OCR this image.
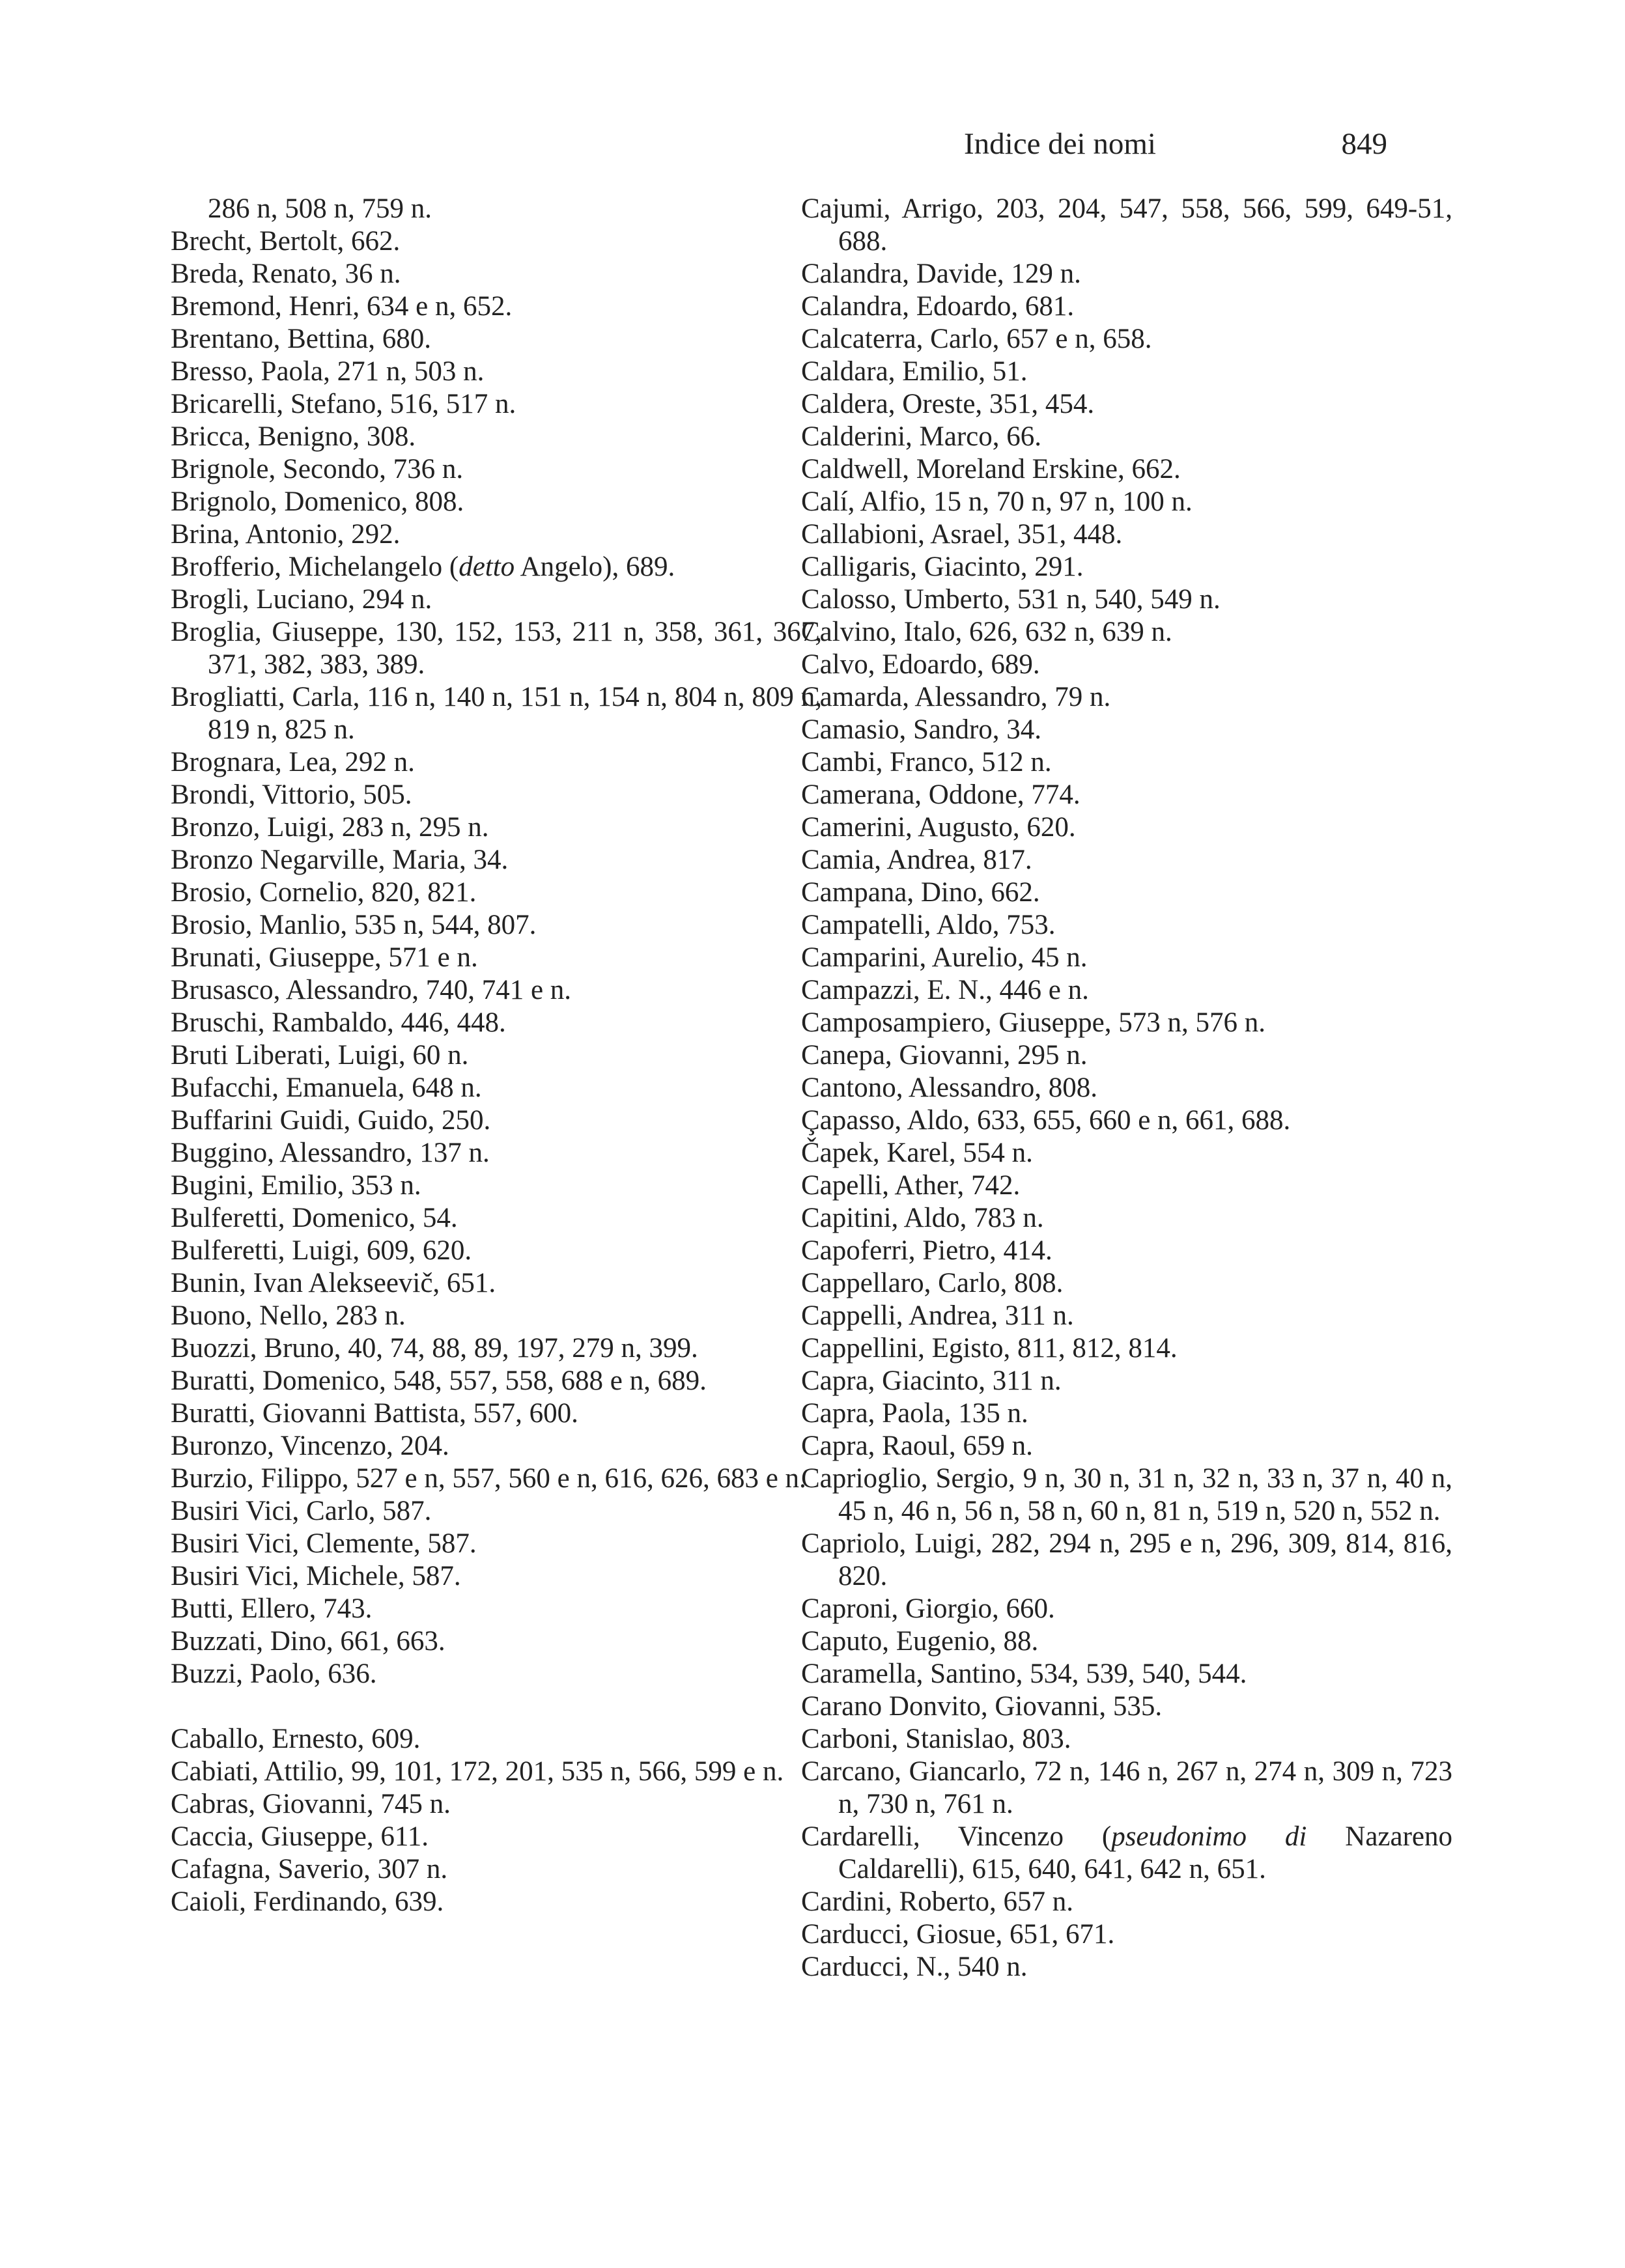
Indice dei nomi	849

286 n, 508 n, 759 n.

Brecht, Bertolt, 662.

Breda, Renato, 36 n.

Bremond, Henri, 634 e n, 652.

Brentano, Bettina, 680.

Bresso, Paola, 271 n, 503 n.

Bricarelli, Stefano, 516, 517 n.

Bricca, Benigno, 308.

Brignole, Secondo, 736 n.

Brignolo, Domenico, 808.

Brina, Antonio, 292.

Brofferio, Michelangelo (detto Angelo), 689.

Brogli, Luciano, 294 n.

Broglia, Giuseppe, 130, 152, 153, 211 n, 358, 361, 367, 371, 382, 383, 389.

Brogliatti, Carla, 116 n, 140 n, 151 n, 154 n, 804 n, 809 n, 819 n, 825 n.

Brognara, Lea, 292 n.

Brondi, Vittorio, 505.

Bronzo, Luigi, 283 n, 295 n.

Bronzo Negarville, Maria, 34.

Brosio, Cornelio, 820, 821.

Brosio, Manlio, 535 n, 544, 807.

Brunati, Giuseppe, 571 e n.

Brusasco, Alessandro, 740, 741 e n.

Bruschi, Rambaldo, 446, 448.

Bruti Liberati, Luigi, 60 n.

Bufacchi, Emanuela, 648 n.

Buffarini Guidi, Guido, 250.

Buggino, Alessandro, 137 n.

Bugini, Emilio, 353 n.

Bulferetti, Domenico, 54.

Bulferetti, Luigi, 609, 620.

Bunin, Ivan Alekseevič, 651.

Buono, Nello, 283 n.

Buozzi, Bruno, 40, 74, 88, 89, 197, 279 n, 399.

Buratti, Domenico, 548, 557, 558, 688 e n, 689.

Buratti, Giovanni Battista, 557, 600.

Buronzo, Vincenzo, 204.

Burzio, Filippo, 527 e n, 557, 560 e n, 616, 626, 683 e n.

Busiri Vici, Carlo, 587.

Busiri Vici, Clemente, 587.

Busiri Vici, Michele, 587.

Butti, Ellero, 743.

Buzzati, Dino, 661, 663.

Buzzi, Paolo, 636.

Caballo, Ernesto, 609.

Cabiati, Attilio, 99, 101, 172, 201, 535 n, 566, 599 e n.

Cabras, Giovanni, 745 n.

Caccia, Giuseppe, 611.

Cafagna, Saverio, 307 n.

Caioli, Ferdinando, 639.

Cajumi, Arrigo, 203, 204, 547, 558, 566, 599, 649-51, 688.

Calandra, Davide, 129 n.

Calandra, Edoardo, 681.

Calcaterra, Carlo, 657 e n, 658.

Caldara, Emilio, 51.

Caldera, Oreste, 351, 454.

Calderini, Marco, 66.

Caldwell, Moreland Erskine, 662.

Calí, Alfio, 15 n, 70 n, 97 n, 100 n.

Callabioni, Asrael, 351, 448.

Calligaris, Giacinto, 291.

Calosso, Umberto, 531 n, 540, 549 n.

Calvino, Italo, 626, 632 n, 639 n.

Calvo, Edoardo, 689.

Camarda, Alessandro, 79 n.

Camasio, Sandro, 34.

Cambi, Franco, 512 n.

Camerana, Oddone, 774.

Camerini, Augusto, 620.

Camia, Andrea, 817.

Campana, Dino, 662.

Campatelli, Aldo, 753.

Camparini, Aurelio, 45 n.

Campazzi, E. N., 446 e n.

Camposampiero, Giuseppe, 573 n, 576 n.

Canepa, Giovanni, 295 n.

Cantono, Alessandro, 808.

Çapasso, Aldo, 633, 655, 660 e n, 661, 688.

Čapek, Karel, 554 n.

Capelli, Ather, 742.

Capitini, Aldo, 783 n.

Capoferri, Pietro, 414.

Cappellaro, Carlo, 808.

Cappelli, Andrea, 311 n.

Cappellini, Egisto, 811, 812, 814.

Capra, Giacinto, 311 n.

Capra, Paola, 135 n.

Capra, Raoul, 659 n.

Caprioglio, Sergio, 9 n, 30 n, 31 n, 32 n, 33 n, 37 n, 40 n, 45 n, 46 n, 56 n, 58 n, 60 n, 81 n, 519 n, 520 n, 552 n.

Capriolo, Luigi, 282, 294 n, 295 e n, 296, 309, 814, 816, 820.

Caproni, Giorgio, 660.

Caputo, Eugenio, 88.

Caramella, Santino, 534, 539, 540, 544.

Carano Donvito, Giovanni, 535.

Carboni, Stanislao, 803.

Carcano, Giancarlo, 72 n, 146 n, 267 n, 274 n, 309 n, 723 n, 730 n, 761 n.

Cardarelli, Vincenzo (pseudonimo di Nazareno Caldarelli), 615, 640, 641, 642 n, 651.

Cardini, Roberto, 657 n.

Carducci, Giosue, 651, 671.

Carducci, N., 540 n.
